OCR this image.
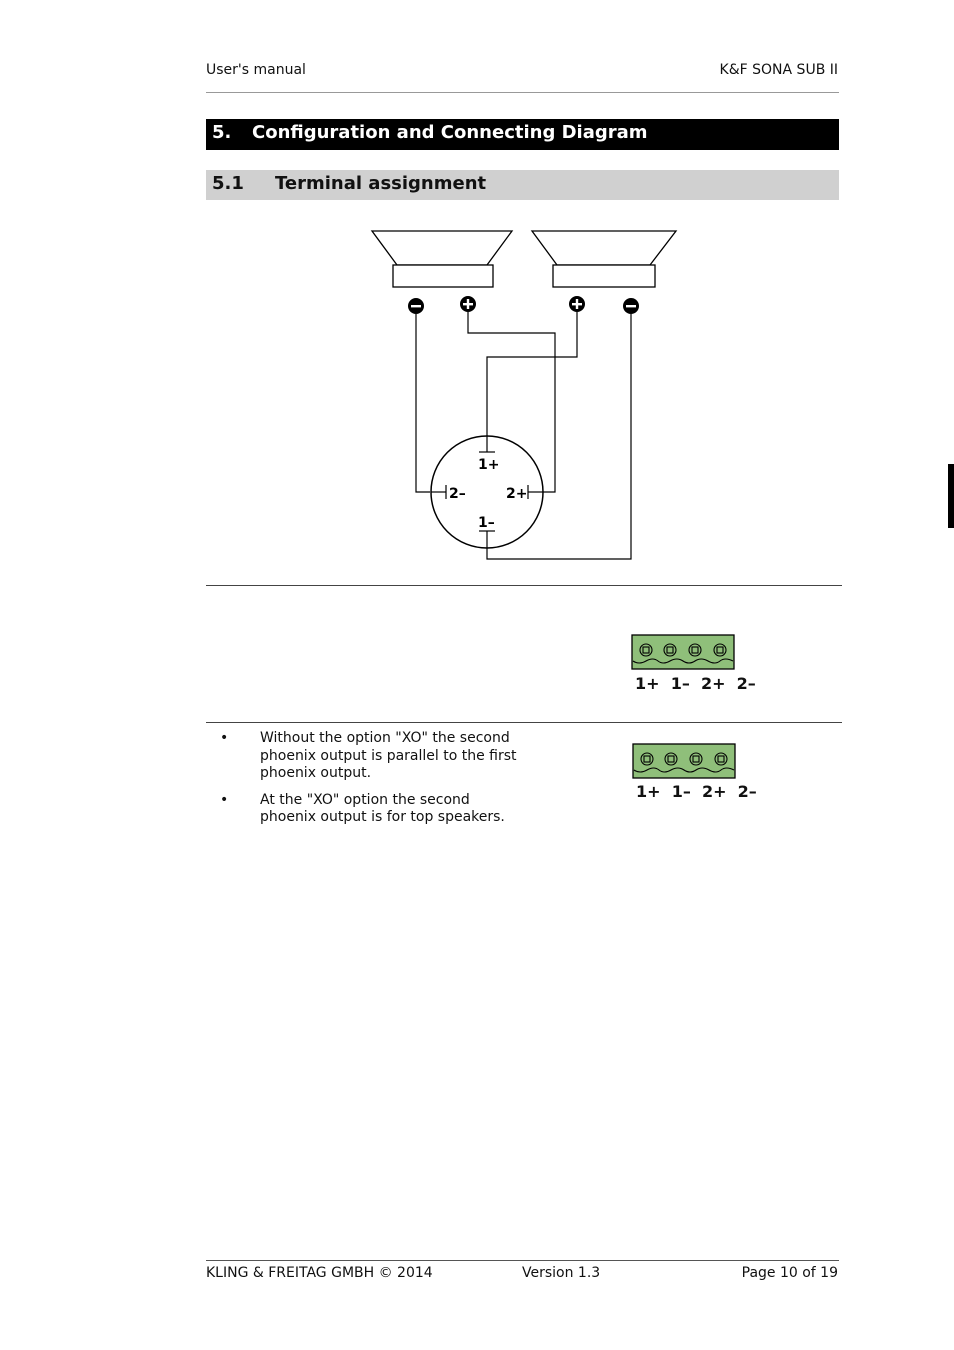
User's manual	K&F SONA SUB II
5. Configuration and Connecting Diagram
5.1 Terminal assignment
1+
2–	2+
1–
1+ 1– 2+ 2–
• Without the option "XO" the second phoenix output is parallel to the first phoenix output.
• At the "XO" option the second phoenix output is for top speakers.
1+ 1– 2+ 2–
KLING & FREITAG GMBH © 2014	Version 1.3	Page 10 of 19
